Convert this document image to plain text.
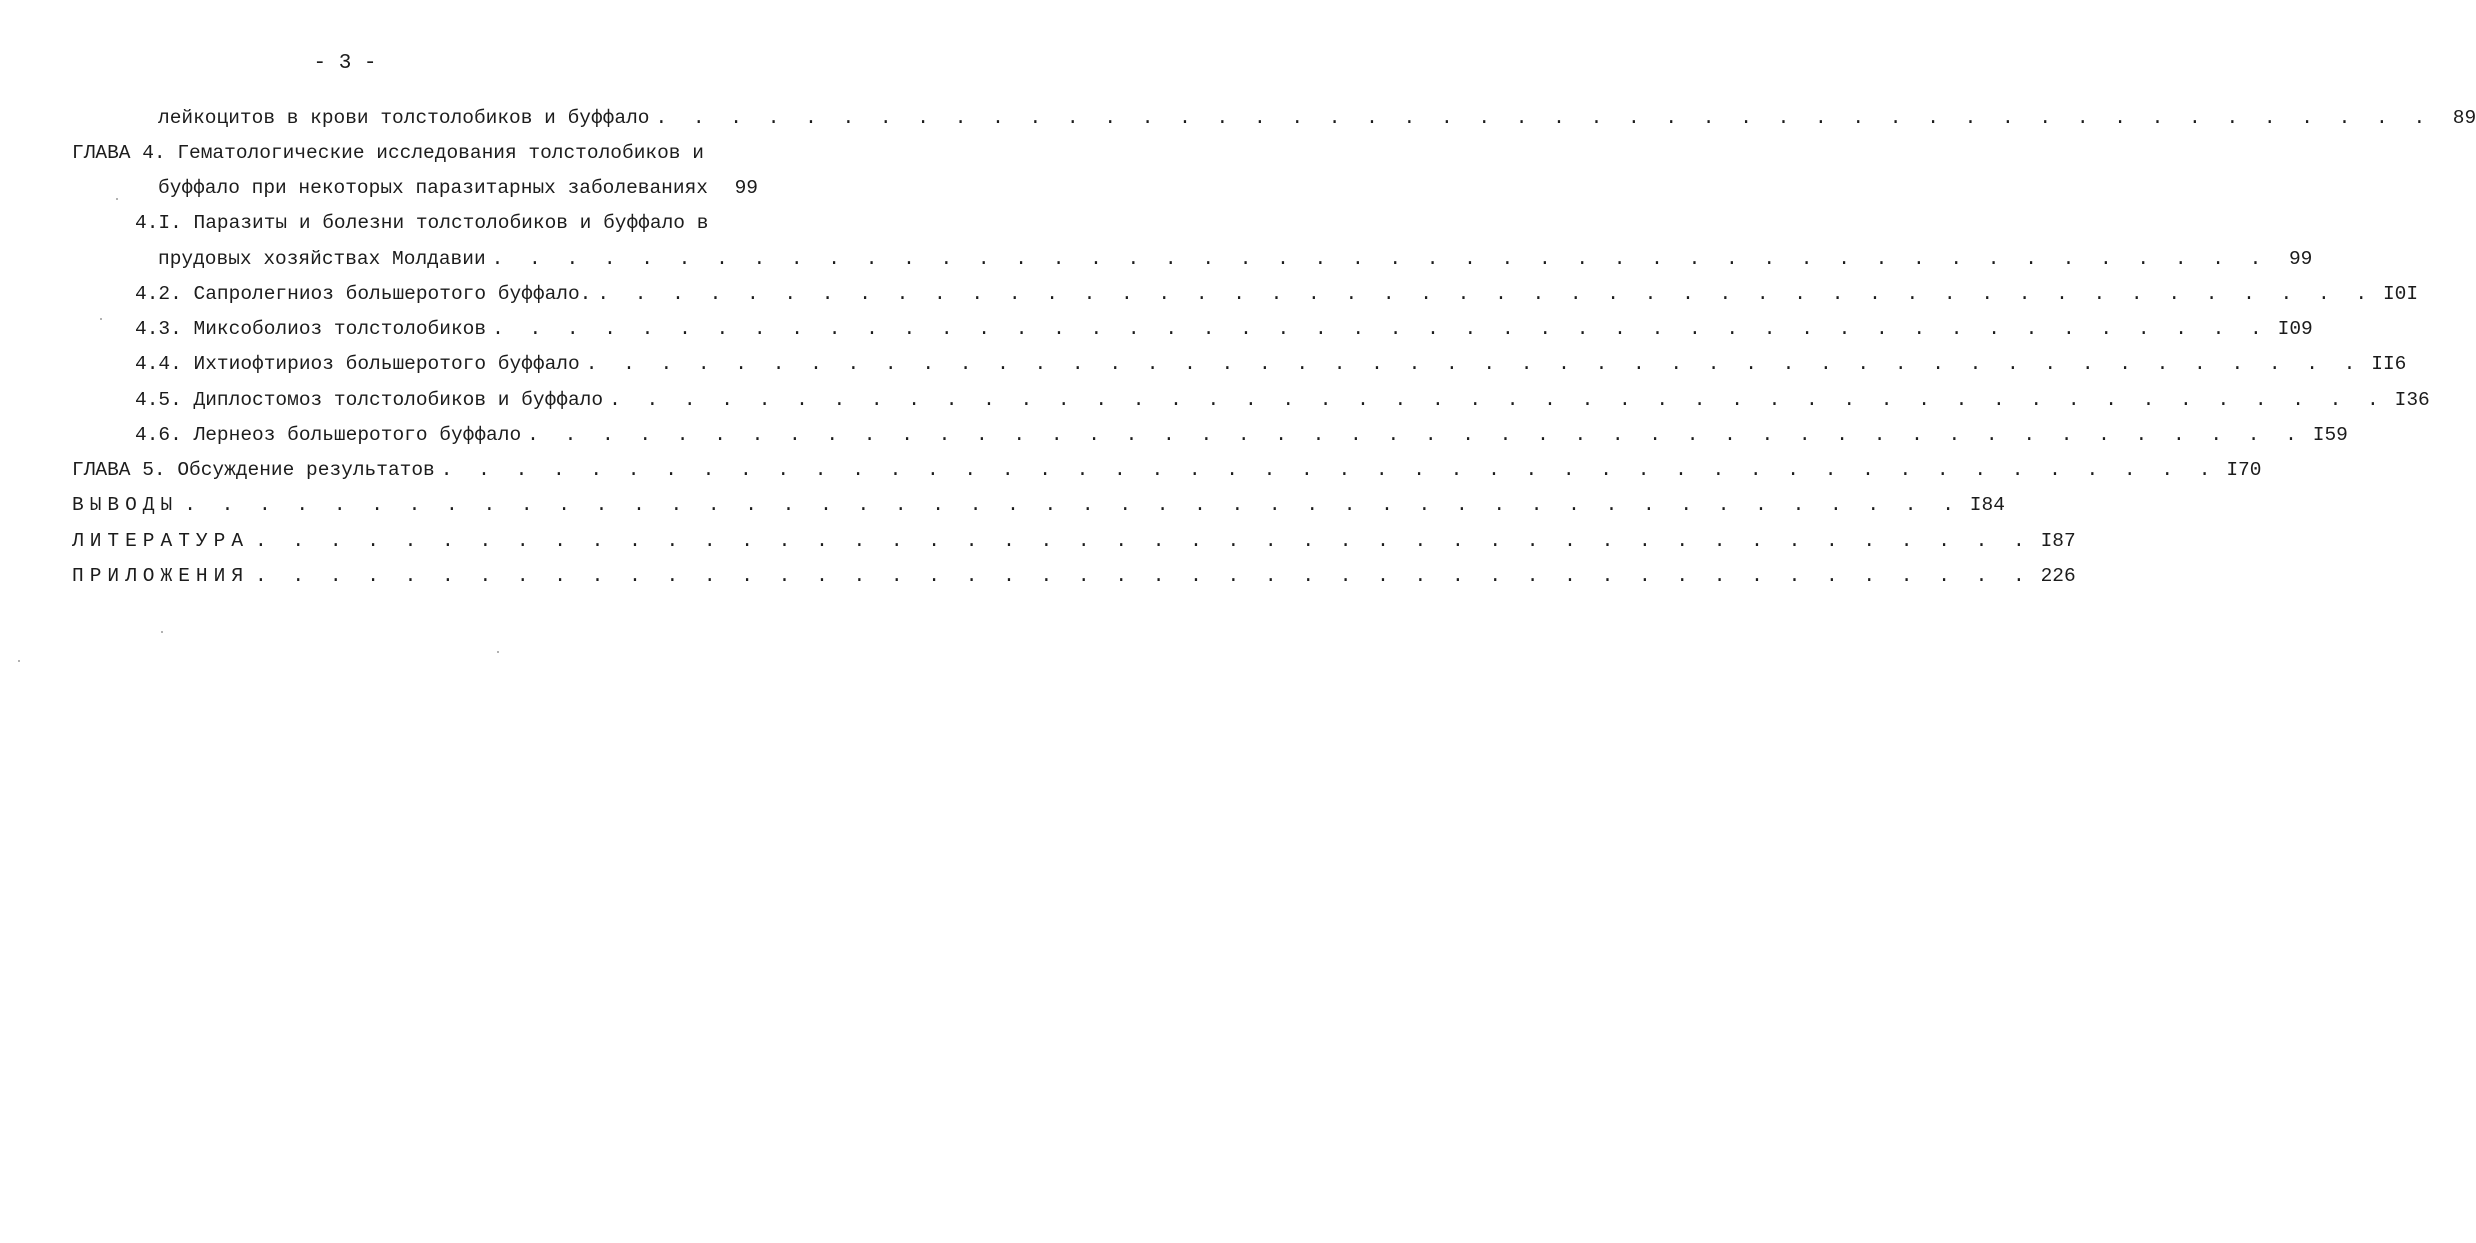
- 3 -
лейкоцитов в крови толстолобиков и буффало . . . . . . . . . . . . . . . . . . . . . . . . . . . . . . . . . . . . . . . . . . . . . . . .	89
ГЛАВА 4. Гематологические исследования толстолобиков и
буффало при некоторых паразитарных заболеваниях	99
4.I. Паразиты и болезни толстолобиков и буффало в
прудовых хозяйствах Молдавии . . . . . . . . . . . . . . . . . . . . . . . . . . . . . . . . . . . . . . . . . . . . . . . .	99
4.2. Сапролегниоз большеротого буффало. . . . . . . . . . . . . . . . . . . . . . . . . . . . . . . . . . . . . . . . . . . . . . . . . I0I
4.3. Миксоболиоз толстолобиков . . . . . . . . . . . . . . . . . . . . . . . . . . . . . . . . . . . . . . . . . . . . . . . . I09
4.4. Ихтиофтириоз большеротого буффало . . . . . . . . . . . . . . . . . . . . . . . . . . . . . . . . . . . . . . . . . . . . . . . . II6
4.5. Диплостомоз толстолобиков и буффало . . . . . . . . . . . . . . . . . . . . . . . . . . . . . . . . . . . . . . . . . . . . . . . . I36
4.6. Лернеоз большеротого буффало . . . . . . . . . . . . . . . . . . . . . . . . . . . . . . . . . . . . . . . . . . . . . . . . I59
ГЛАВА 5. Обсуждение результатов . . . . . . . . . . . . . . . . . . . . . . . . . . . . . . . . . . . . . . . . . . . . . . . . I70
ВЫВОДЫ . . . . . . . . . . . . . . . . . . . . . . . . . . . . . . . . . . . . . . . . . . . . . . . . I84
ЛИТЕРАТУРА . . . . . . . . . . . . . . . . . . . . . . . . . . . . . . . . . . . . . . . . . . . . . . . . I87
ПРИЛОЖЕНИЯ . . . . . . . . . . . . . . . . . . . . . . . . . . . . . . . . . . . . . . . . . . . . . . . . 226
